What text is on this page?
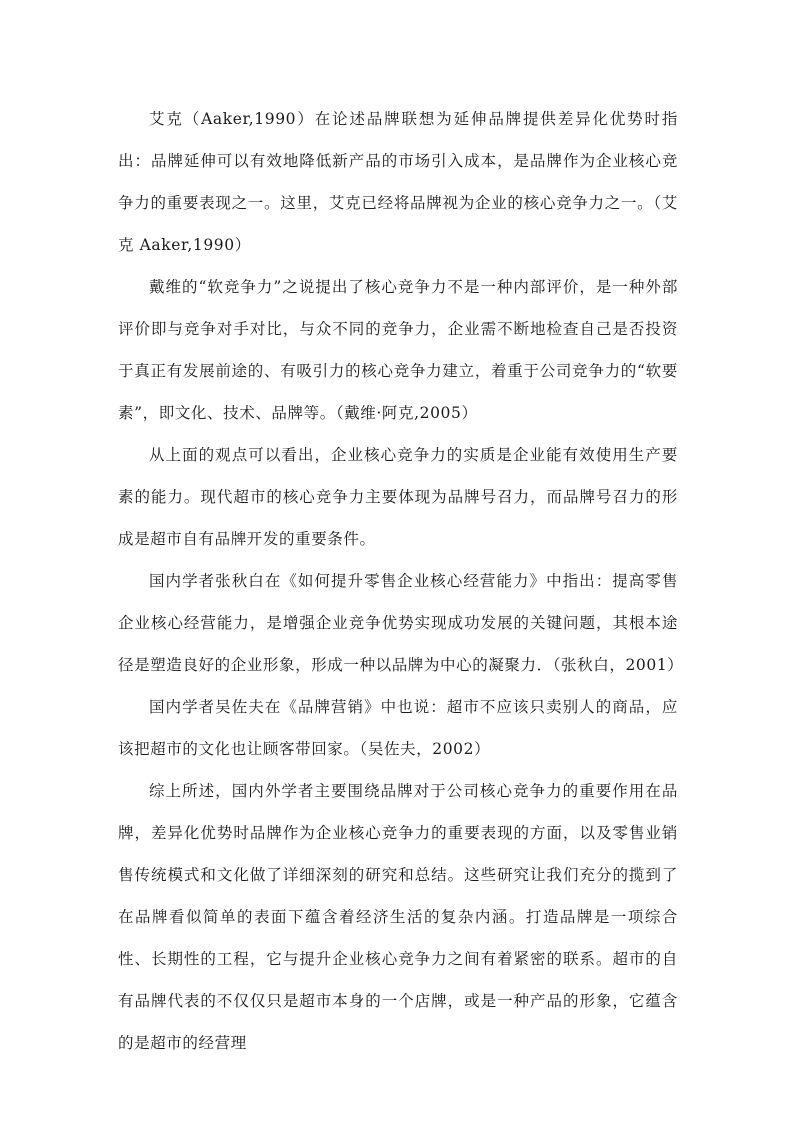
艾克（Aaker,1990）在论述品牌联想为延伸品牌提供差异化优势时指出：品牌延伸可以有效地降低新产品的市场引入成本，是品牌作为企业核心竞争力的重要表现之一。这里，艾克已经将品牌视为企业的核心竞争力之一。（艾克 Aaker,1990）

戴维的“软竞争力”之说提出了核心竞争力不是一种内部评价，是一种外部评价即与竞争对手对比，与众不同的竞争力，企业需不断地检查自己是否投资于真正有发展前途的、有吸引力的核心竞争力建立，着重于公司竞争力的“软要素”，即文化、技术、品牌等。（戴维·阿克,2005）

从上面的观点可以看出，企业核心竞争力的实质是企业能有效使用生产要素的能力。现代超市的核心竞争力主要体现为品牌号召力，而品牌号召力的形成是超市自有品牌开发的重要条件。

国内学者张秋白在《如何提升零售企业核心经营能力》中指出：提高零售企业核心经营能力，是增强企业竞争优势实现成功发展的关键问题，其根本途径是塑造良好的企业形象，形成一种以品牌为中心的凝聚力．（张秋白，2001）

国内学者吴佐夫在《品牌营销》中也说：超市不应该只卖别人的商品，应该把超市的文化也让顾客带回家。（吴佐夫，2002）

综上所述，国内外学者主要围绕品牌对于公司核心竞争力的重要作用在品牌，差异化优势时品牌作为企业核心竞争力的重要表现的方面，以及零售业销售传统模式和文化做了详细深刻的研究和总结。这些研究让我们充分的揽到了在品牌看似简单的表面下蕴含着经济生活的复杂内涵。打造品牌是一项综合性、长期性的工程，它与提升企业核心竞争力之间有着紧密的联系。超市的自有品牌代表的不仅仅只是超市本身的一个店牌，或是一种产品的形象，它蕴含的是超市的经营理
